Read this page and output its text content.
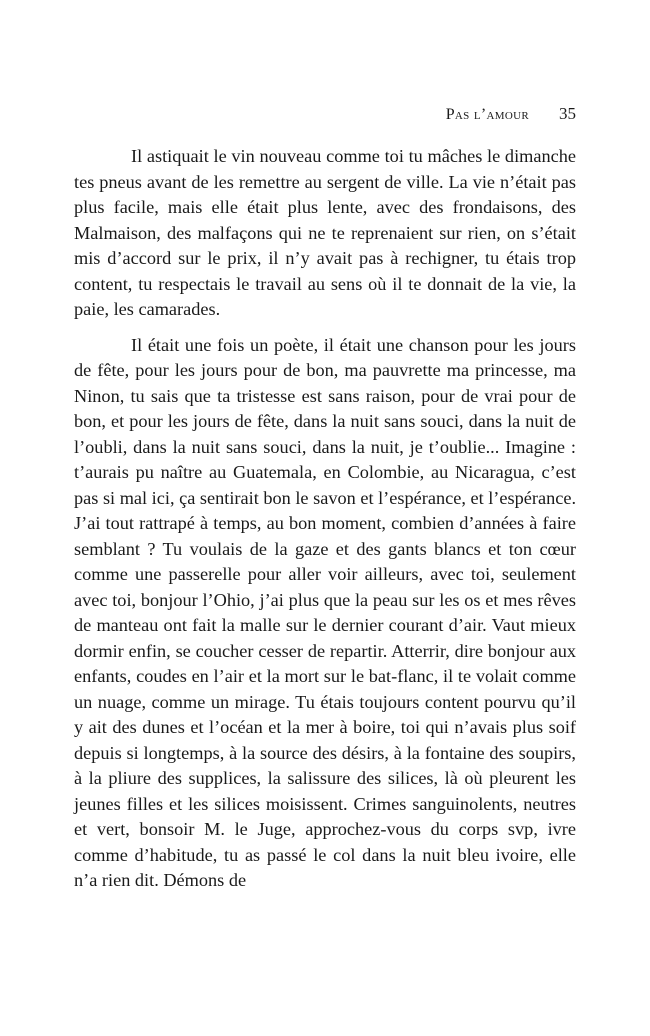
Pas l’amour 35

Il astiquait le vin nouveau comme toi tu mâches le dimanche tes pneus avant de les remettre au sergent de ville. La vie n’était pas plus facile, mais elle était plus lente, avec des frondaisons, des Malmaison, des malfaçons qui ne te reprenaient sur rien, on s’était mis d’accord sur le prix, il n’y avait pas à rechigner, tu étais trop content, tu respectais le travail au sens où il te donnait de la vie, la paie, les camarades.

Il était une fois un poète, il était une chanson pour les jours de fête, pour les jours pour de bon, ma pauvrette ma princesse, ma Ninon, tu sais que ta tristesse est sans raison, pour de vrai pour de bon, et pour les jours de fête, dans la nuit sans souci, dans la nuit de l’oubli, dans la nuit sans souci, dans la nuit, je t’oublie... Imagine : t’aurais pu naître au Guatemala, en Colombie, au Nicaragua, c’est pas si mal ici, ça sentirait bon le savon et l’espérance, et l’espérance. J’ai tout rattrapé à temps, au bon moment, combien d’années à faire semblant ? Tu voulais de la gaze et des gants blancs et ton cœur comme une passerelle pour aller voir ailleurs, avec toi, seulement avec toi, bonjour l’Ohio, j’ai plus que la peau sur les os et mes rêves de manteau ont fait la malle sur le dernier courant d’air. Vaut mieux dormir enfin, se coucher cesser de repartir. Atterrir, dire bonjour aux enfants, coudes en l’air et la mort sur le bat-flanc, il te volait comme un nuage, comme un mirage. Tu étais toujours content pourvu qu’il y ait des dunes et l’océan et la mer à boire, toi qui n’avais plus soif depuis si longtemps, à la source des désirs, à la fontaine des soupirs, à la pliure des supplices, la salissure des silices, là où pleurent les jeunes filles et les silices moisissent. Crimes sanguinolents, neutres et vert, bonsoir M. le Juge, approchez-vous du corps svp, ivre comme d’habitude, tu as passé le col dans la nuit bleu ivoire, elle n’a rien dit. Démons de
